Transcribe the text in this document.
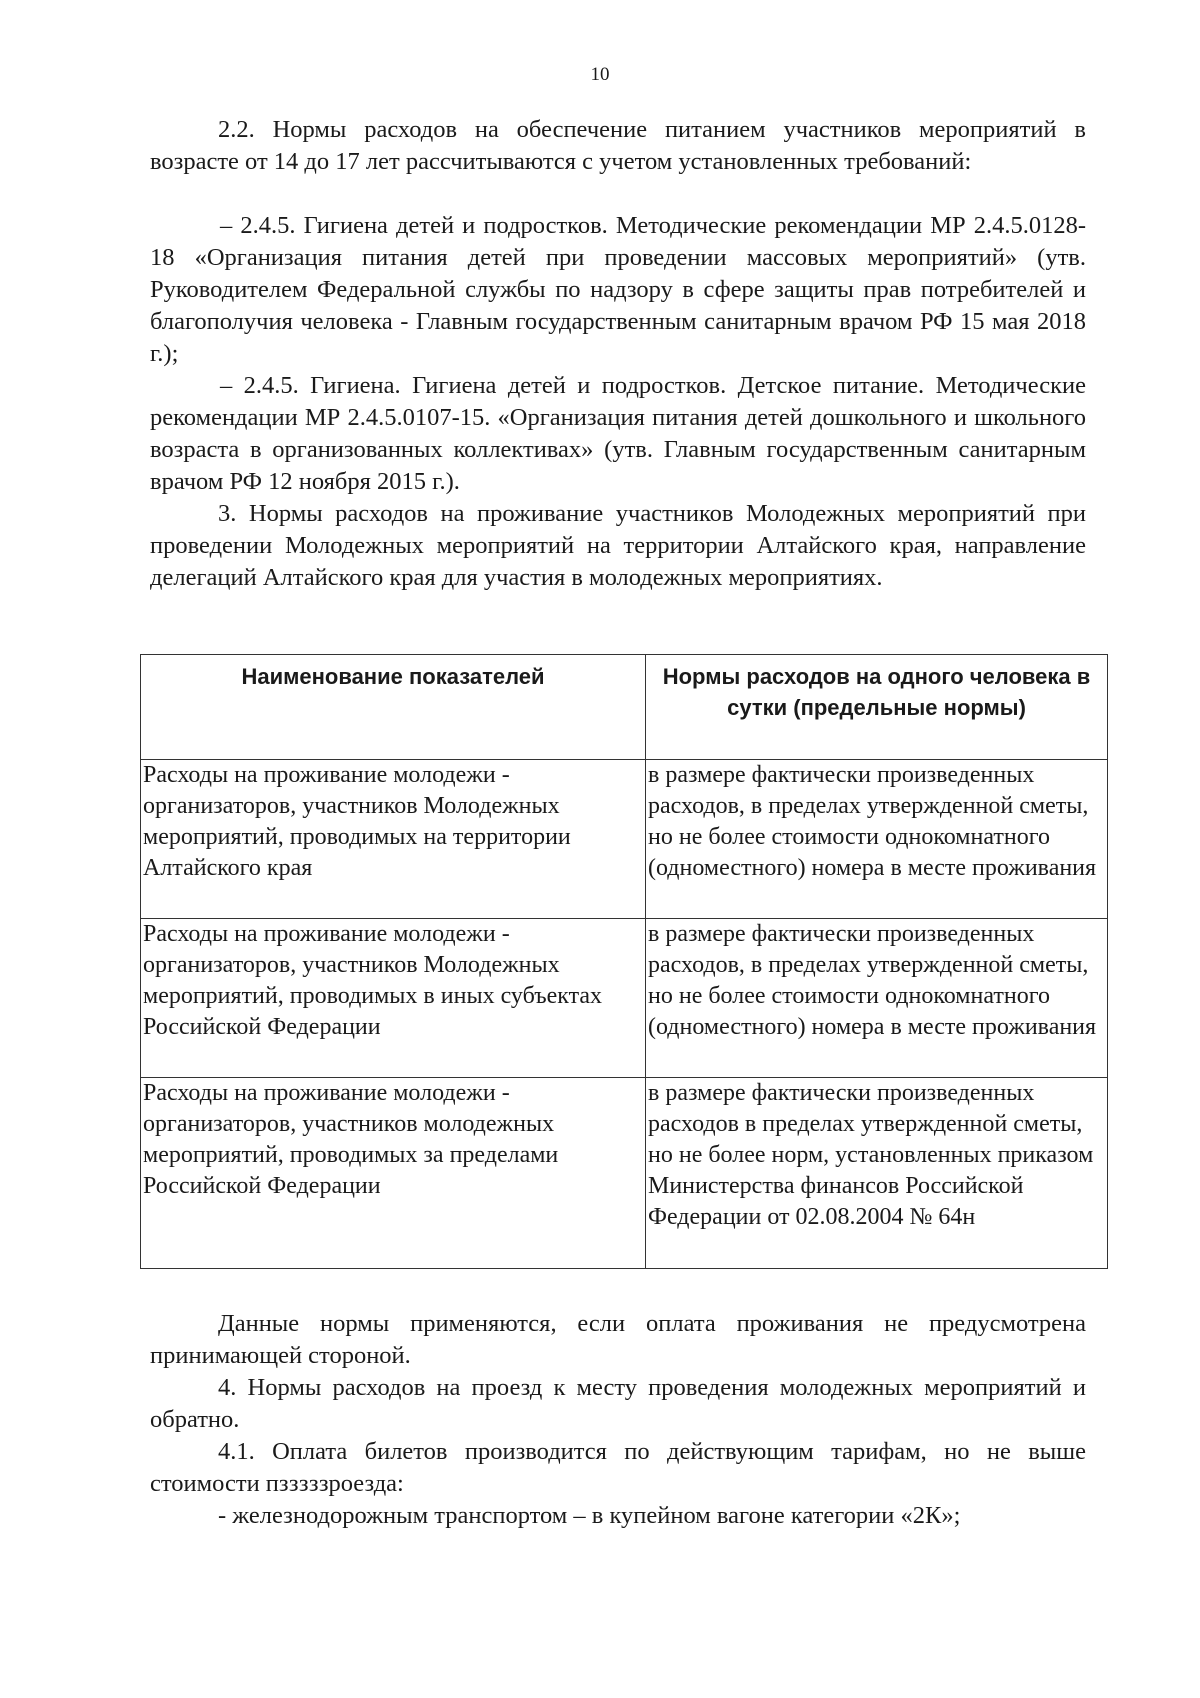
10

2.2. Нормы расходов на обеспечение питанием участников мероприятий в возрасте от 14 до 17 лет рассчитываются с учетом установленных требований:

– 2.4.5. Гигиена детей и подростков. Методические рекомендации МР 2.4.5.0128-18 «Организация питания детей при проведении массовых мероприятий» (утв. Руководителем Федеральной службы по надзору в сфере защиты прав потребителей и благополучия человека - Главным государственным санитарным врачом РФ 15 мая 2018 г.);

– 2.4.5. Гигиена. Гигиена детей и подростков. Детское питание. Методические рекомендации МР 2.4.5.0107-15. «Организация питания детей дошкольного и школьного возраста в организованных коллективах» (утв. Главным государственным санитарным врачом РФ 12 ноября 2015 г.).

3. Нормы расходов на проживание участников Молодежных мероприятий при проведении Молодежных мероприятий на территории Алтайского края, направление делегаций Алтайского края для участия в молодежных мероприятиях.

Наименование показателей	Нормы расходов на одного человека в сутки (предельные нормы)
Расходы на проживание молодежи - организаторов, участников Молодежных мероприятий, проводимых на территории Алтайского края	в размере фактически произведенных расходов, в пределах утвержденной сметы, но не более стоимости однокомнатного (одноместного) номера в месте проживания
Расходы на проживание молодежи - организаторов, участников Молодежных мероприятий, проводимых в иных субъектах Российской Федерации	в размере фактически произведенных расходов, в пределах утвержденной сметы, но не более стоимости однокомнатного (одноместного) номера в месте проживания
Расходы на проживание молодежи - организаторов, участников молодежных мероприятий, проводимых за пределами Российской Федерации	в размере фактически произведенных расходов в пределах утвержденной сметы, но не более норм, установленных приказом Министерства финансов Российской Федерации от 02.08.2004 № 64н

Данные нормы применяются, если оплата проживания не предусмотрена принимающей стороной.

4. Нормы расходов на проезд к месту проведения молодежных мероприятий и обратно.

4.1. Оплата билетов производится по действующим тарифам, но не выше стоимости пзззззроезда:

- железнодорожным транспортом – в купейном вагоне категории «2К»;
